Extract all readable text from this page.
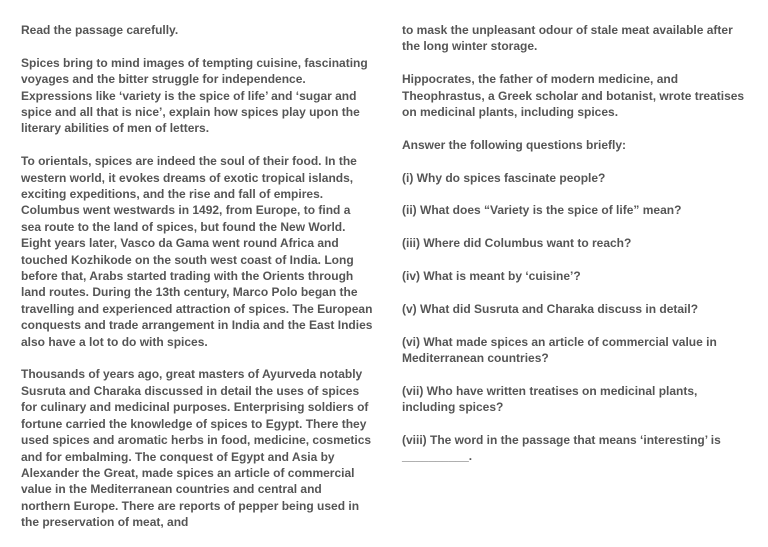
Read the passage carefully.

Spices bring to mind images of tempting cuisine, fascinating voyages and the bitter struggle for independence. Expressions like ‘variety is the spice of life’ and ‘sugar and spice and all that is nice’, explain how spices play upon the literary abilities of men of letters.

To orientals, spices are indeed the soul of their food. In the western world, it evokes dreams of exotic tropical islands, exciting expeditions, and the rise and fall of empires. Columbus went westwards in 1492, from Europe, to find a sea route to the land of spices, but found the New World. Eight years later, Vasco da Gama went round Africa and touched Kozhikode on the south west coast of India. Long before that, Arabs started trading with the Orients through land routes. During the 13th century, Marco Polo began the travelling and experienced attraction of spices. The European conquests and trade arrangement in India and the East Indies also have a lot to do with spices.

Thousands of years ago, great masters of Ayurveda notably Susruta and Charaka discussed in detail the uses of spices for culinary and medicinal purposes. Enterprising soldiers of fortune carried the knowledge of spices to Egypt. There they used spices and aromatic herbs in food, medicine, cosmetics and for embalming. The conquest of Egypt and Asia by Alexander the Great, made spices an article of commercial value in the Mediterranean countries and central and northern Europe. There are reports of pepper being used in the preservation of meat, and

to mask the unpleasant odour of stale meat available after the long winter storage.

Hippocrates, the father of modern medicine, and Theophrastus, a Greek scholar and botanist, wrote treatises on medicinal plants, including spices.

Answer the following questions briefly:

(i) Why do spices fascinate people?

(ii) What does “Variety is the spice of life” mean?

(iii) Where did Columbus want to reach?

(iv) What is meant by ‘cuisine’?

(v) What did Susruta and Charaka discuss in detail?

(vi) What made spices an article of commercial value in Mediterranean countries?

(vii) Who have written treatises on medicinal plants, including spices?

(viii) The word in the passage that means ‘interesting’ is __________.
